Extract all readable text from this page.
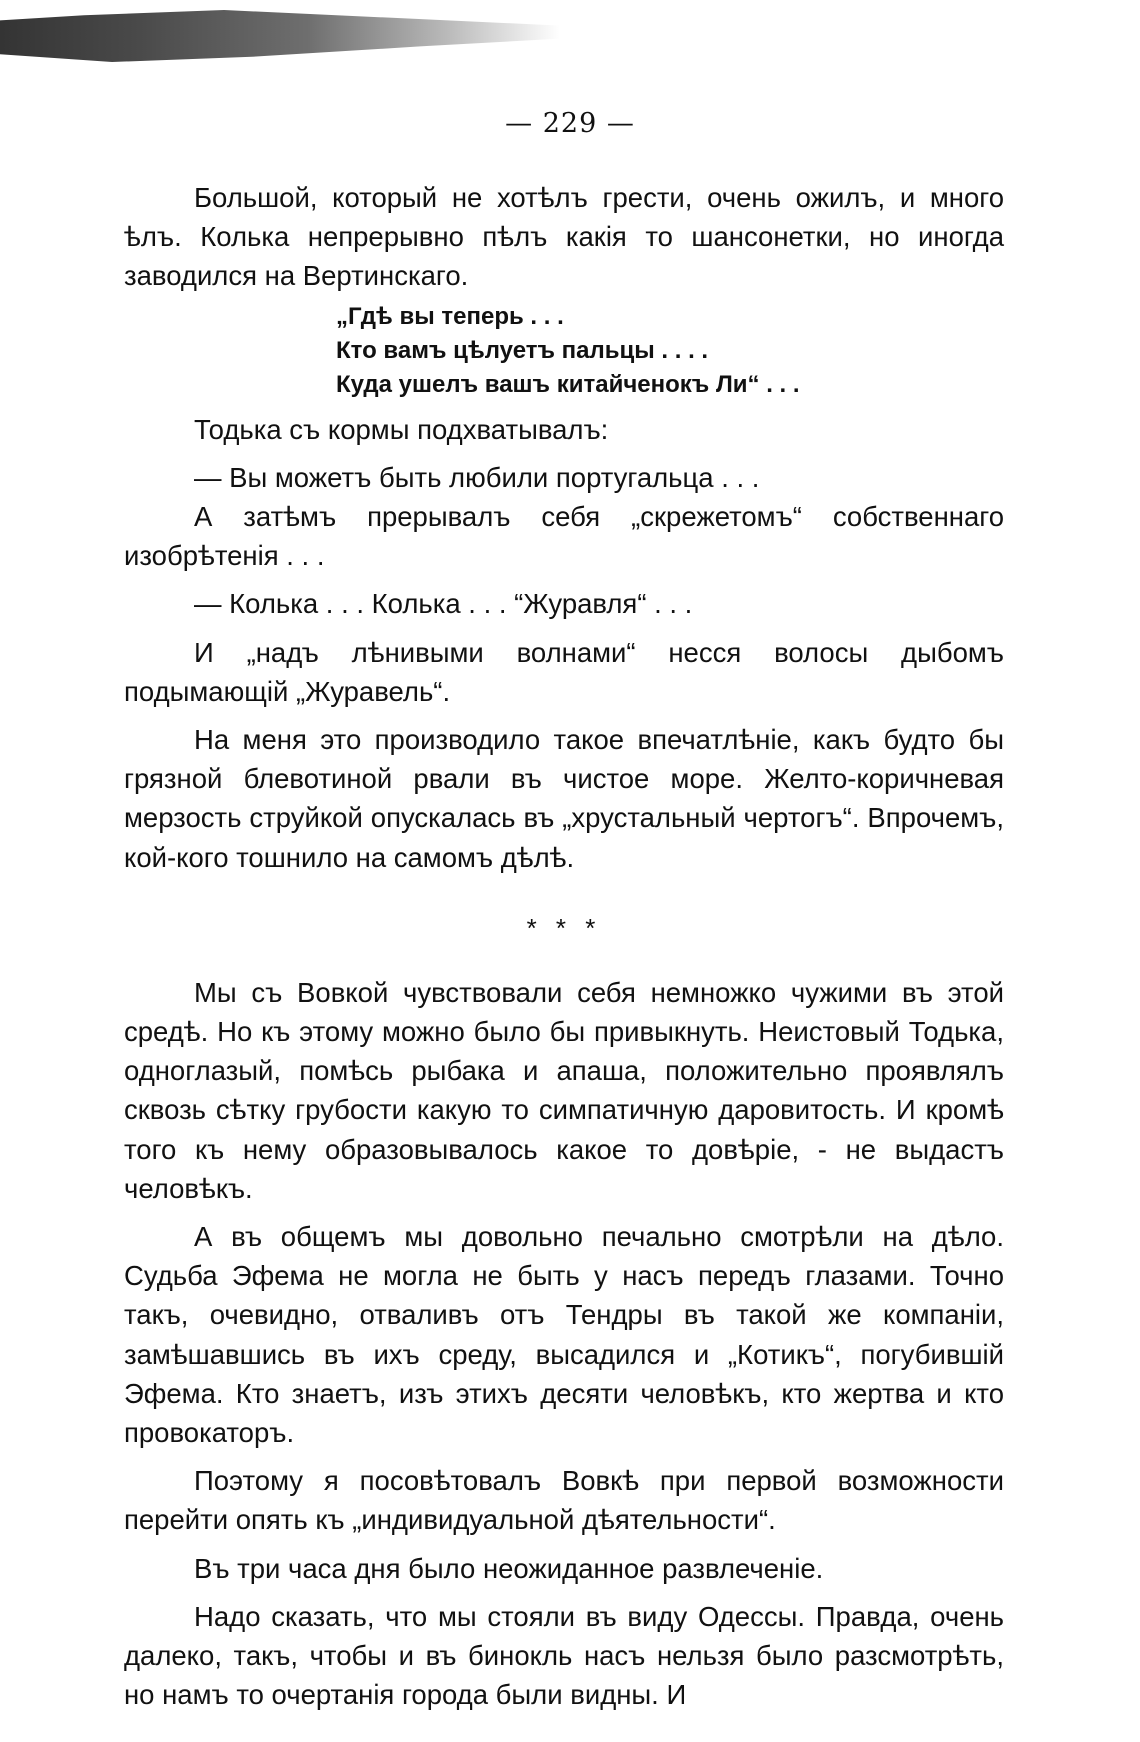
— 229 —

Большой, который не хотѣлъ грести, очень ожилъ, и много ѣлъ. Колька непрерывно пѣлъ какія то шансонетки, но иногда заводился на Вертинскаго.

„Гдѣ вы теперь . . .
Кто вамъ цѣлуетъ пальцы . . . .
Куда ушелъ вашъ китайченокъ Ли“ . . .

Тодька съ кормы подхватывалъ:

— Вы можетъ быть любили португальца . . .

А затѣмъ прерывалъ себя „скрежетомъ“ собственнаго изобрѣтенія . . .

— Колька . . . Колька . . . “Журавля“ . . .

И „надъ лѣнивыми волнами“ несся волосы дыбомъ подымающій „Журавель“.

На меня это производило такое впечатлѣніе, какъ будто бы грязной блевотиной рвали въ чистое море. Желто-коричневая мерзость струйкой опускалась въ „хрустальный чертогъ“. Впрочемъ, кой-кого тошнило на самомъ дѣлѣ.

* * *

Мы съ Вовкой чувствовали себя немножко чужими въ этой средѣ. Но къ этому можно было бы привыкнуть. Неистовый Тодька, одноглазый, помѣсь рыбака и апаша, положительно проявлялъ сквозь сѣтку грубости какую то симпатичную даровитость. И кромѣ того къ нему образовывалось какое то довѣріе, - не выдастъ человѣкъ.

А въ общемъ мы довольно печально смотрѣли на дѣло. Судьба Эфема не могла не быть у насъ передъ глазами. Точно такъ, очевидно, отваливъ отъ Тендры въ такой же компаніи, замѣшавшись въ ихъ среду, высадился и „Котикъ“, погубившій Эфема. Кто знаетъ, изъ этихъ десяти человѣкъ, кто жертва и кто провокаторъ.

Поэтому я посовѣтовалъ Вовкѣ при первой возможности перейти опять къ „индивидуальной дѣятельности“.

Въ три часа дня было неожиданное развлеченіе.

Надо сказать, что мы стояли въ виду Одессы. Правда, очень далеко, такъ, чтобы и въ бинокль насъ нельзя было разсмотрѣть, но намъ то очертанія города были видны. И
